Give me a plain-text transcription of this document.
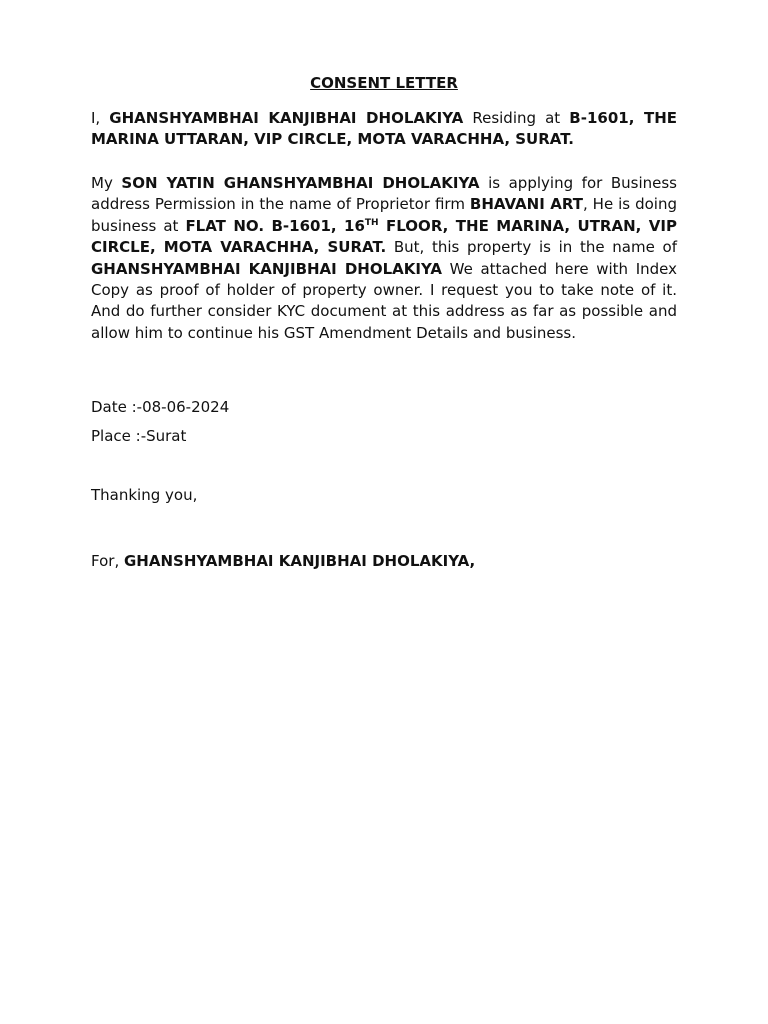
CONSENT LETTER

I, GHANSHYAMBHAI KANJIBHAI DHOLAKIYA Residing at B-1601, THE MARINA UTTARAN, VIP CIRCLE, MOTA VARACHHA, SURAT.

My SON YATIN GHANSHYAMBHAI DHOLAKIYA is applying for Business address Permission in the name of Proprietor firm BHAVANI ART, He is doing business at FLAT NO. B-1601, 16TH FLOOR, THE MARINA, UTRAN, VIP CIRCLE, MOTA VARACHHA, SURAT. But, this property is in the name of GHANSHYAMBHAI KANJIBHAI DHOLAKIYA We attached here with Index Copy as proof of holder of property owner. I request you to take note of it. And do further consider KYC document at this address as far as possible and allow him to continue his GST Amendment Details and business.

Date :-08-06-2024

Place :-Surat

Thanking you,

For, GHANSHYAMBHAI KANJIBHAI DHOLAKIYA,
